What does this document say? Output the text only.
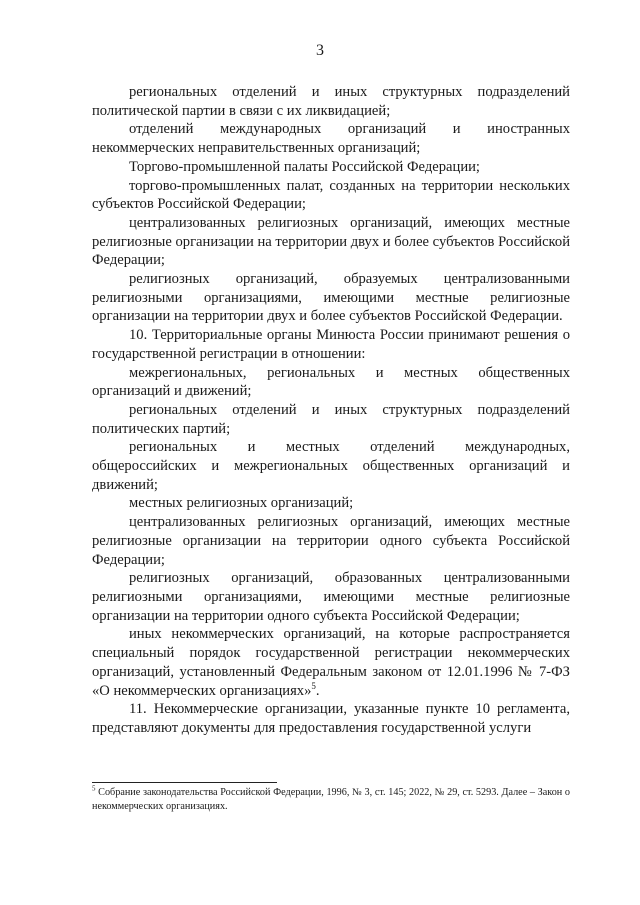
3

региональных отделений и иных структурных подразделений политической партии в связи с их ликвидацией;

отделений международных организаций и иностранных некоммерческих неправительственных организаций;

Торгово-промышленной палаты Российской Федерации;

торгово-промышленных палат, созданных на территории нескольких субъектов Российской Федерации;

централизованных религиозных организаций, имеющих местные религиозные организации на территории двух и более субъектов Российской Федерации;

религиозных организаций, образуемых централизованными религиозными организациями, имеющими местные религиозные организации на территории двух и более субъектов Российской Федерации.

10. Территориальные органы Минюста России принимают решения о государственной регистрации в отношении:

межрегиональных, региональных и местных общественных организаций и движений;

региональных отделений и иных структурных подразделений политических партий;

региональных и местных отделений международных, общероссийских и межрегиональных общественных организаций и движений;

местных религиозных организаций;

централизованных религиозных организаций, имеющих местные религиозные организации на территории одного субъекта Российской Федерации;

религиозных организаций, образованных централизованными религиозными организациями, имеющими местные религиозные организации на территории одного субъекта Российской Федерации;

иных некоммерческих организаций, на которые распространяется специальный порядок государственной регистрации некоммерческих организаций, установленный Федеральным законом от 12.01.1996 № 7-ФЗ «О некоммерческих организациях»$^5$.

11. Некоммерческие организации, указанные пункте 10 регламента, представляют документы для предоставления государственной услуги

$^5$ Собрание законодательства Российской Федерации, 1996, № 3, ст. 145; 2022, № 29, ст. 5293. Далее – Закон о некоммерческих организациях.
